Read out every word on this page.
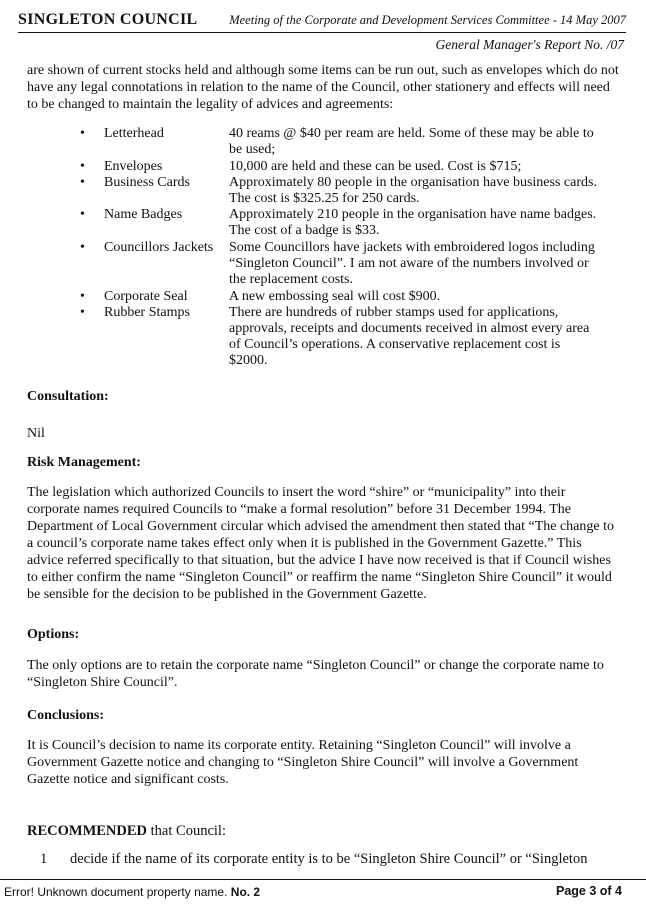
SINGLETON COUNCIL	Meeting of the Corporate and Development Services Committee - 14 May 2007
General Manager's Report No. /07
are shown of current stocks held and although some items can be run out, such as envelopes which do not have any legal connotations in relation to the name of the Council, other stationery and effects will need to be changed to maintain the legality of advices and agreements:
•	Letterhead	40 reams @ $40 per ream are held. Some of these may be able to be used;
•	Envelopes	10,000 are held and these can be used. Cost is $715;
•	Business Cards	Approximately 80 people in the organisation have business cards. The cost is $325.25 for 250 cards.
•	Name Badges	Approximately 210 people in the organisation have name badges. The cost of a badge is $33.
•	Councillors Jackets	Some Councillors have jackets with embroidered logos including “Singleton Council”. I am not aware of the numbers involved or the replacement costs.
•	Corporate Seal	A new embossing seal will cost $900.
•	Rubber Stamps	There are hundreds of rubber stamps used for applications, approvals, receipts and documents received in almost every area of Council’s operations. A conservative replacement cost is $2000.
Consultation:
Nil
Risk Management:
The legislation which authorized Councils to insert the word “shire” or “municipality” into their corporate names required Councils to “make a formal resolution” before 31 December 1994. The Department of Local Government circular which advised the amendment then stated that “The change to a council’s corporate name takes effect only when it is published in the Government Gazette.” This advice referred specifically to that situation, but the advice I have now received is that if Council wishes to either confirm the name “Singleton Council” or reaffirm the name “Singleton Shire Council” it would be sensible for the decision to be published in the Government Gazette.
Options:
The only options are to retain the corporate name “Singleton Council” or change the corporate name to “Singleton Shire Council”.
Conclusions:
It is Council’s decision to name its corporate entity. Retaining “Singleton Council” will involve a Government Gazette notice and changing to “Singleton Shire Council” will involve a Government Gazette notice and significant costs.
RECOMMENDED that Council:
1	decide if the name of its corporate entity is to be “Singleton Shire Council” or “Singleton
Error! Unknown document property name. No. 2	Page 3 of 4
